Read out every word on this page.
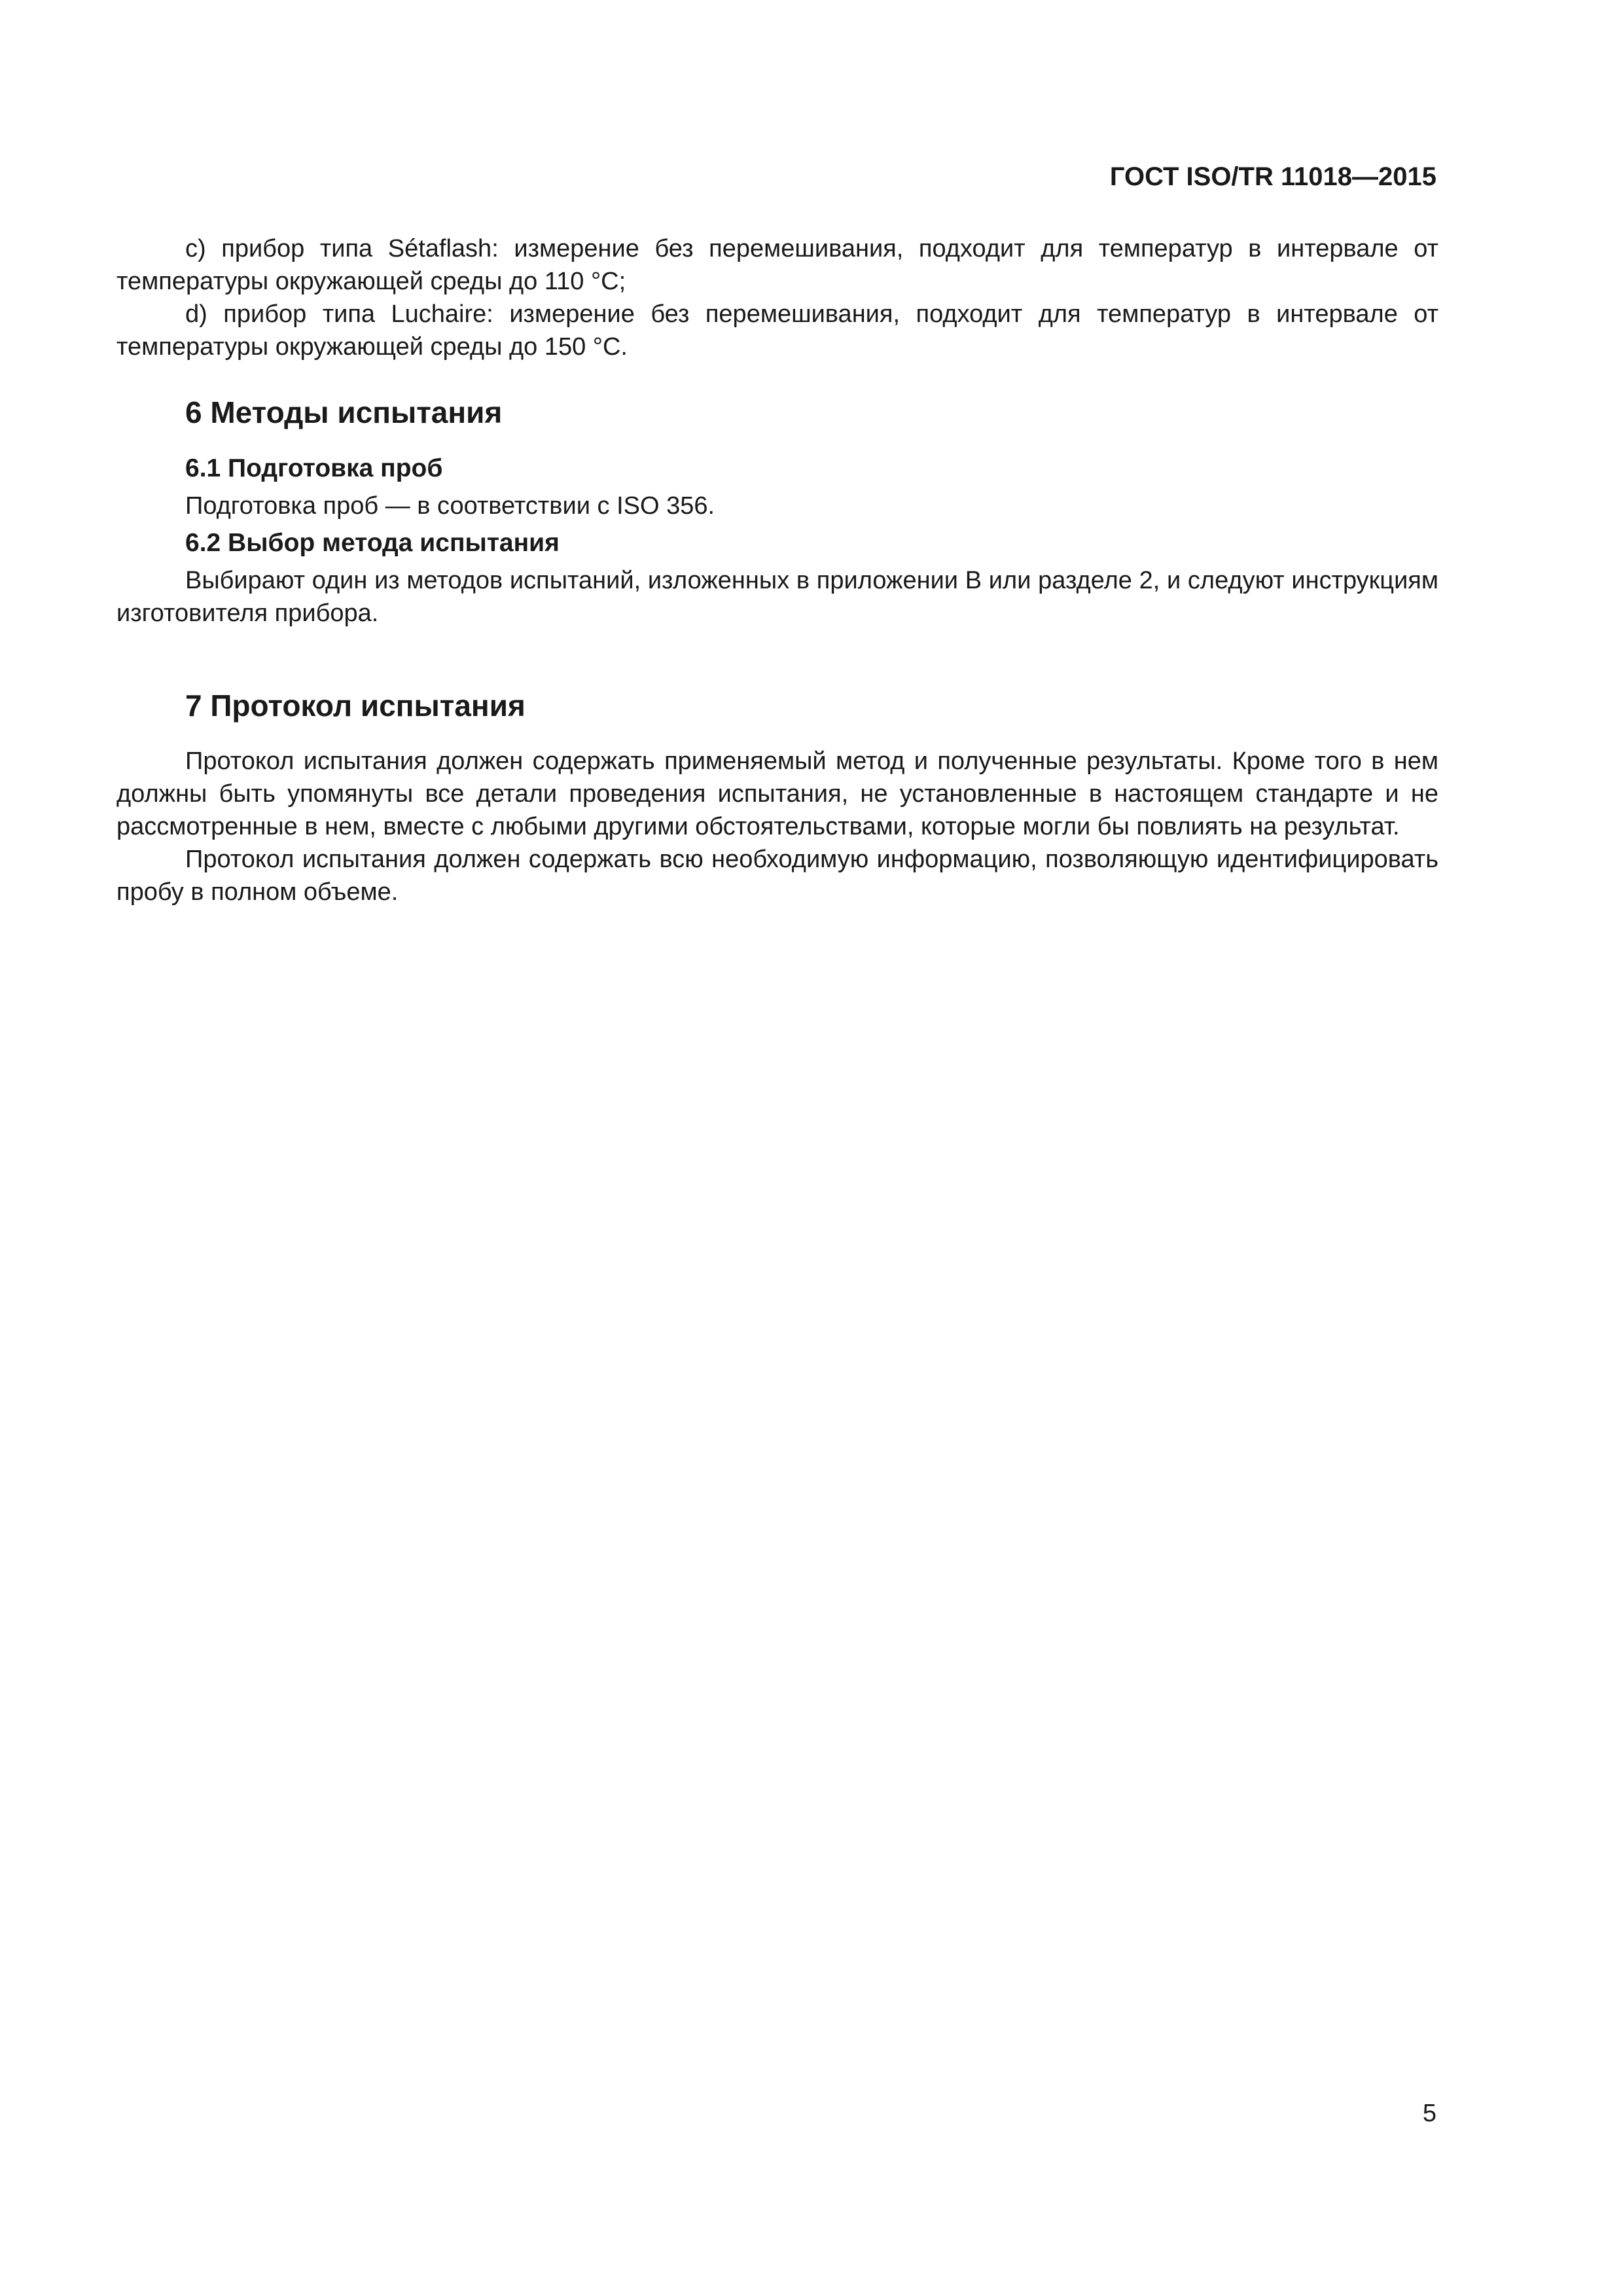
ГОСТ ISO/TR 11018—2015

c) прибор типа Sétaflash: измерение без перемешивания, подходит для температур в интервале от температуры окружающей среды до 110 °С;

d) прибор типа Luchaire: измерение без перемешивания, подходит для температур в интервале от температуры окружающей среды до 150 °С.

6 Методы испытания
6.1 Подготовка проб

Подготовка проб — в соответствии с ISO 356.

6.2 Выбор метода испытания

Выбирают один из методов испытаний, изложенных в приложении В или разделе 2, и следуют инструкциям изготовителя прибора.

7 Протокол испытания

Протокол испытания должен содержать применяемый метод и полученные результаты. Кроме того в нем должны быть упомянуты все детали проведения испытания, не установленные в настоящем стандарте и не рассмотренные в нем, вместе с любыми другими обстоятельствами, которые могли бы повлиять на результат.

Протокол испытания должен содержать всю необходимую информацию, позволяющую идентифицировать пробу в полном объеме.

5
